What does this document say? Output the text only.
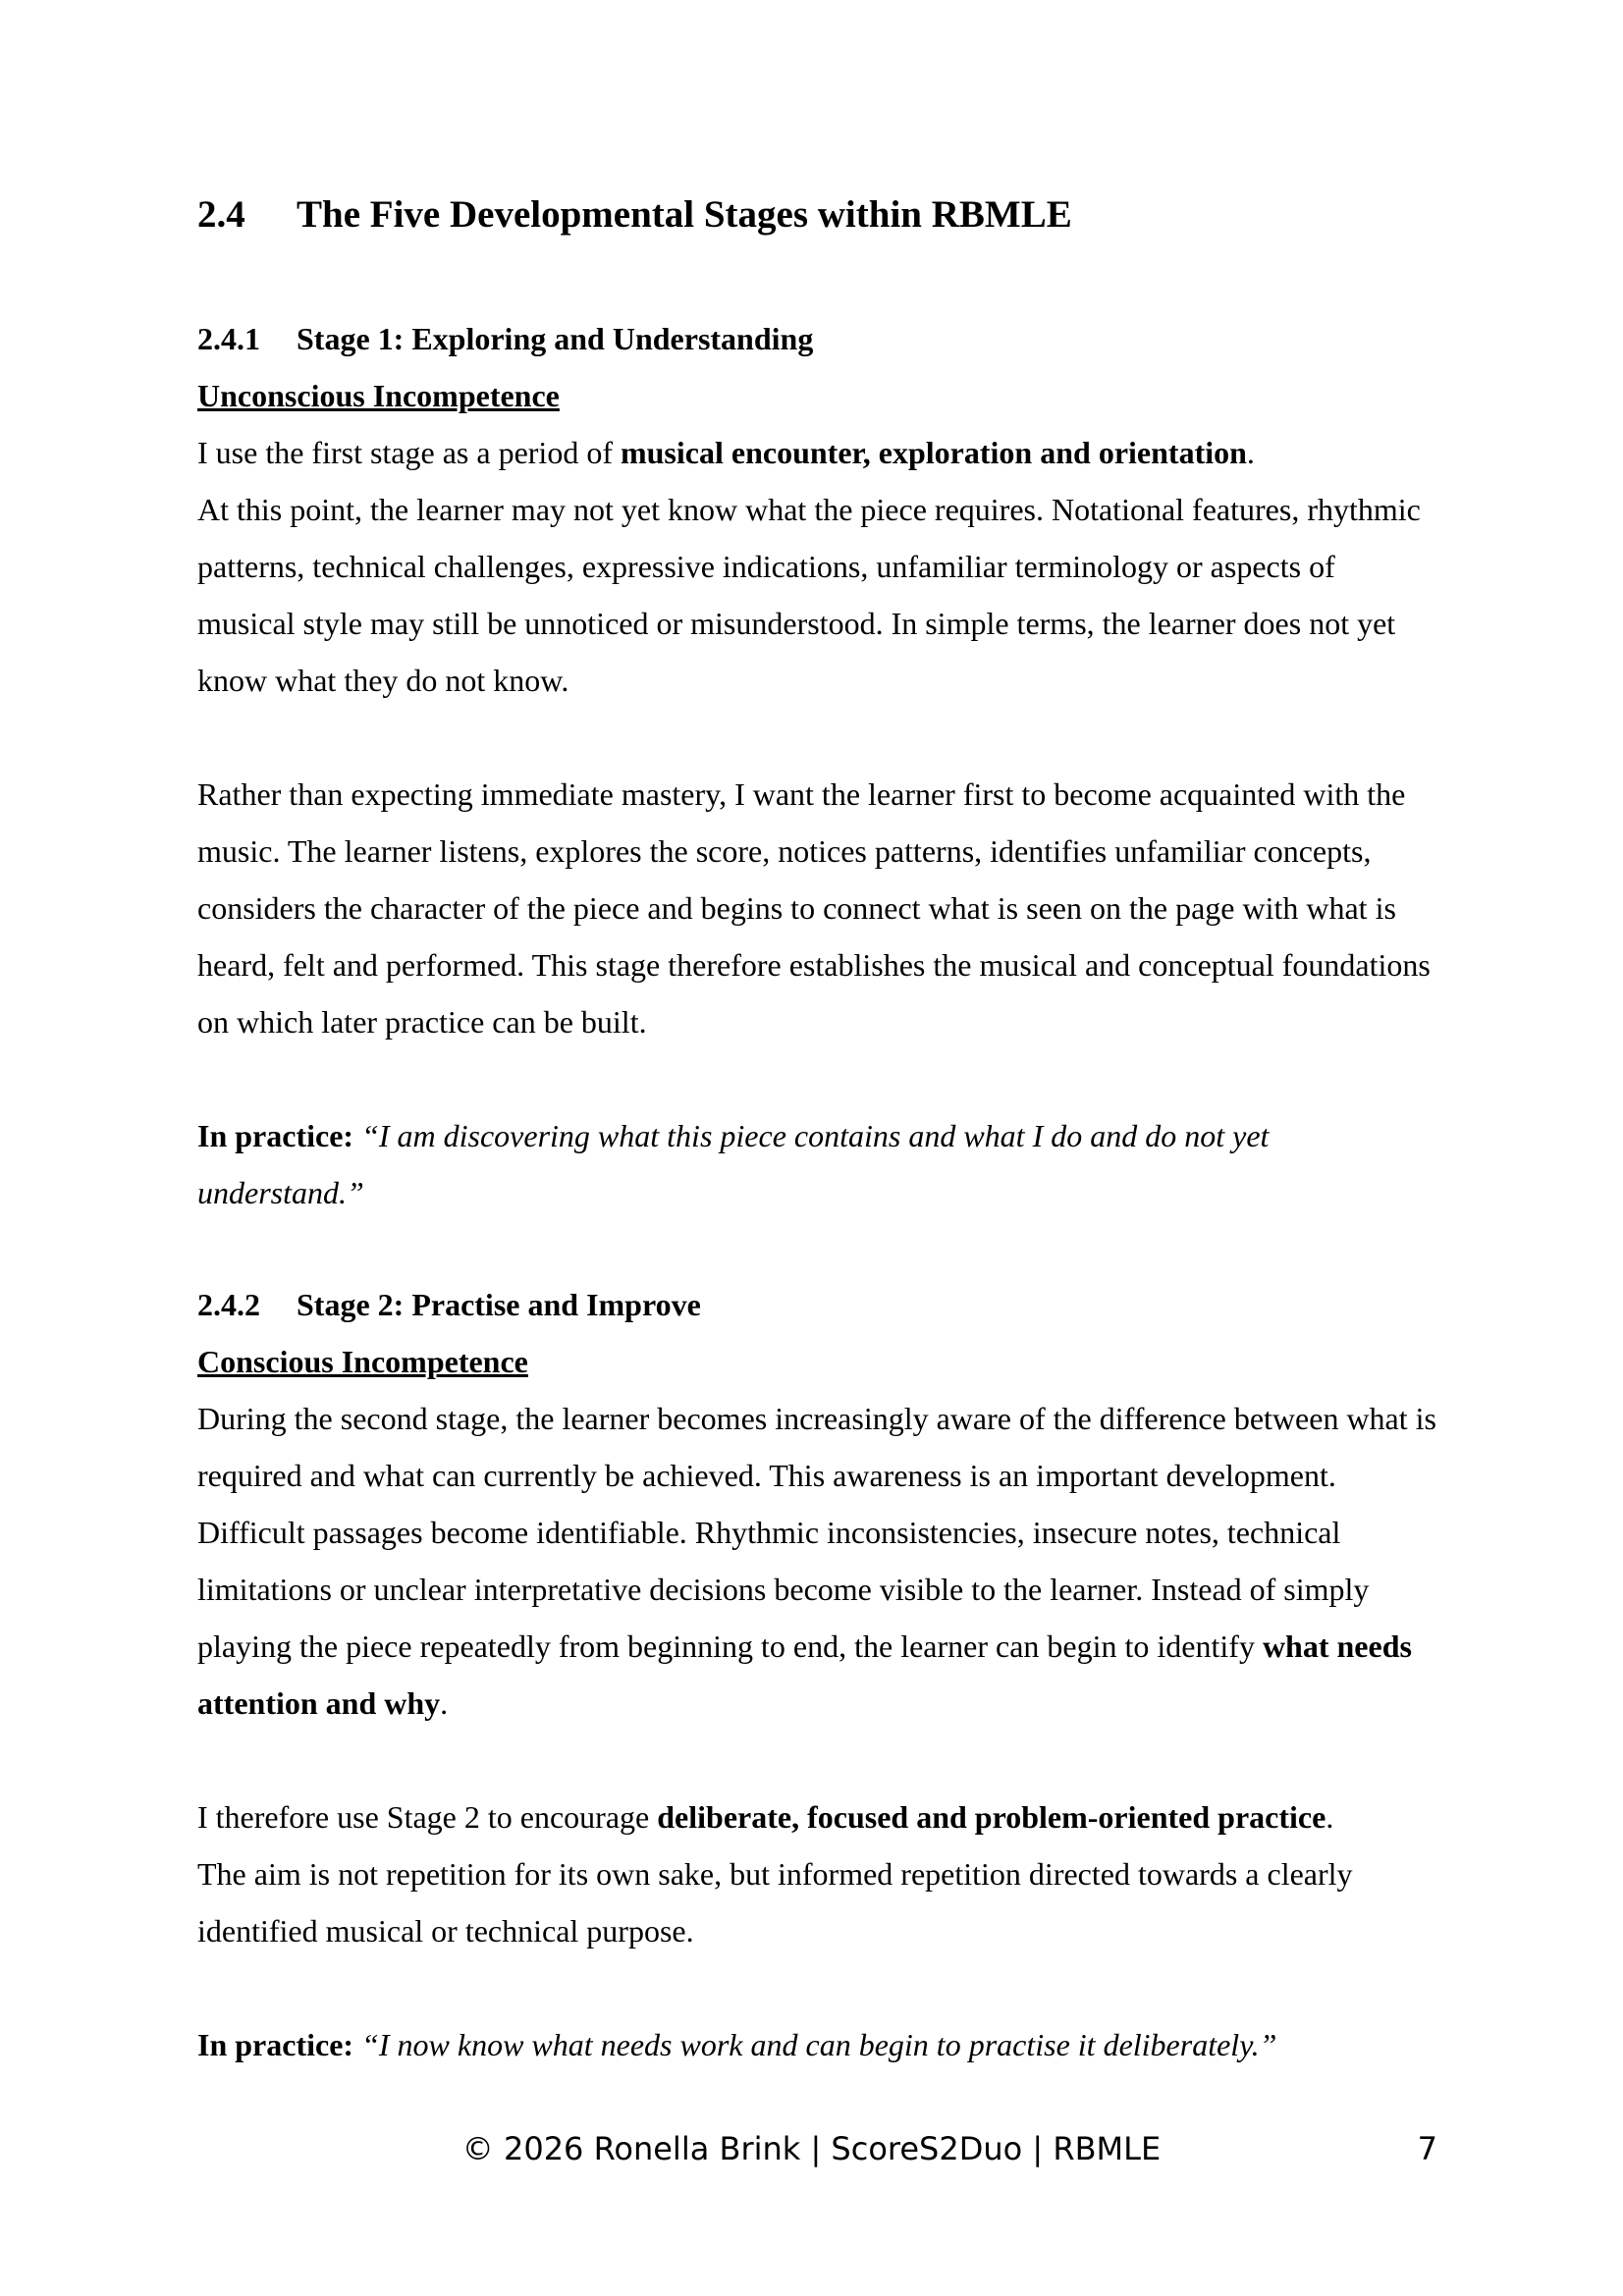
2.4 The Five Developmental Stages within RBMLE
2.4.1 Stage 1: Exploring and Understanding
Unconscious Incompetence

I use the first stage as a period of musical encounter, exploration and orientation.
At this point, the learner may not yet know what the piece requires. Notational features, rhythmic patterns, technical challenges, expressive indications, unfamiliar terminology or aspects of musical style may still be unnoticed or misunderstood. In simple terms, the learner does not yet know what they do not know.

Rather than expecting immediate mastery, I want the learner first to become acquainted with the music. The learner listens, explores the score, notices patterns, identifies unfamiliar concepts, considers the character of the piece and begins to connect what is seen on the page with what is heard, felt and performed. This stage therefore establishes the musical and conceptual foundations on which later practice can be built.

In practice: “I am discovering what this piece contains and what I do and do not yet understand.”

2.4.2 Stage 2: Practise and Improve
Conscious Incompetence

During the second stage, the learner becomes increasingly aware of the difference between what is required and what can currently be achieved. This awareness is an important development. Difficult passages become identifiable. Rhythmic inconsistencies, insecure notes, technical limitations or unclear interpretative decisions become visible to the learner. Instead of simply playing the piece repeatedly from beginning to end, the learner can begin to identify what needs attention and why.

I therefore use Stage 2 to encourage deliberate, focused and problem-oriented practice.
The aim is not repetition for its own sake, but informed repetition directed towards a clearly identified musical or technical purpose.

In practice: “I now know what needs work and can begin to practise it deliberately.”

© 2026 Ronella Brink | ScoreS2Duo | RBMLE	7
